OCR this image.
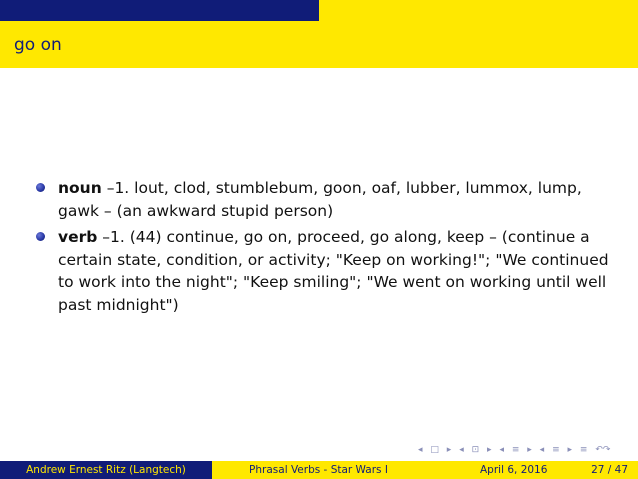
go on
noun –1. lout, clod, stumblebum, goon, oaf, lubber, lummox, lump, gawk – (an awkward stupid person)
verb –1. (44) continue, go on, proceed, go along, keep – (continue a certain state, condition, or activity; "Keep on working!"; "We continued to work into the night"; "Keep smiling"; "We went on working until well past midnight")
◂ □ ▸ ◂ ⊡ ▸ ◂ ≡ ▸ ◂ ≡ ▸ ≡ ↶↷
Andrew Ernest Ritz (Langtech)	Phrasal Verbs - Star Wars I	April 6, 2016	27 / 47
